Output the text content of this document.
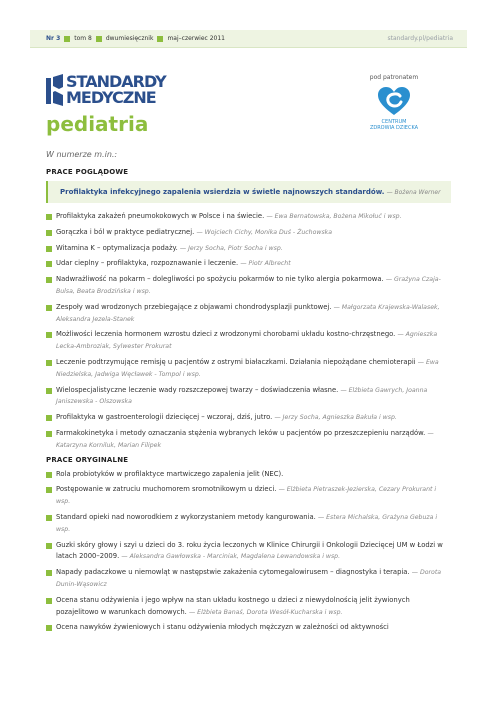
Nr 3 tom 8 dwumiesięcznik maj–czerwiec 2011	standardy.pl/pediatria
STANDARDY
MEDYCZNE
pediatria
pod patronatem
CENTRUM
ZDROWIA DZIECKA
W numerze m.in.:
PRACE POGLĄDOWE
Profilaktyka infekcyjnego zapalenia wsierdzia w świetle najnowszych standardów. — Bożena Werner
Profilaktyka zakażeń pneumokokowych w Polsce i na świecie. — Ewa Bernatowska, Bożena Mikołuć i wsp.
Gorączka i ból w praktyce pediatrycznej. — Wojciech Cichy, Monika Duś - Żuchowska
Witamina K – optymalizacja podaży. — Jerzy Socha, Piotr Socha i wsp.
Udar cieplny – profilaktyka, rozpoznawanie i leczenie. — Piotr Albrecht
Nadwrażliwość na pokarm – dolegliwości po spożyciu pokarmów to nie tylko alergia pokarmowa. — Grażyna Czaja-Bulsa, Beata Brodzińska i wsp.
Zespoły wad wrodzonych przebiegające z objawami chondrodysplazji punktowej. — Małgorzata Krajewska-Walasek, Aleksandra Jezela-Stanek
Możliwości leczenia hormonem wzrostu dzieci z wrodzonymi chorobami układu kostno-chrzęstnego. — Agnieszka Lecka-Ambroziak, Sylwester Prokurat
Leczenie podtrzymujące remisję u pacjentów z ostrymi białaczkami. Działania niepożądane chemioterapii — Ewa Niedzielska, Jadwiga Węcławek - Tompol i wsp.
Wielospecjalistyczne leczenie wady rozszczepowej twarzy – doświadczenia własne. — Elżbieta Gawrych, Joanna Janiszewska - Olszowska
Profilaktyka w gastroenterologii dziecięcej – wczoraj, dziś, jutro. — Jerzy Socha, Agnieszka Bakuła i wsp.
Farmakokinetyka i metody oznaczania stężenia wybranych leków u pacjentów po przeszczepieniu narządów. — Katarzyna Korniluk, Marian Filipek
PRACE ORYGINALNE
Rola probiotyków w profilaktyce martwiczego zapalenia jelit (NEC).
Postępowanie w zatruciu muchomorem sromotnikowym u dzieci. — Elżbieta Pietraszek-Jezierska, Cezary Prokurant i wsp.
Standard opieki nad noworodkiem z wykorzystaniem metody kangurowania. — Estera Michalska, Grażyna Gebuza i wsp.
Guzki skóry głowy i szyi u dzieci do 3. roku życia leczonych w Klinice Chirurgii i Onkologii Dziecięcej UM w Łodzi w latach 2000–2009. — Aleksandra Gawłowska - Marciniak, Magdalena Lewandowska i wsp.
Napady padaczkowe u niemowląt w następstwie zakażenia cytomegalowirusem – diagnostyka i terapia. — Dorota Dunin-Wąsowicz
Ocena stanu odżywienia i jego wpływ na stan układu kostnego u dzieci z niewydolnością jelit żywionych pozajelitowo w warunkach domowych. — Elżbieta Banaś, Dorota Wesół-Kucharska i wsp.
Ocena nawyków żywieniowych i stanu odżywienia młodych mężczyzn w zależności od aktywności
